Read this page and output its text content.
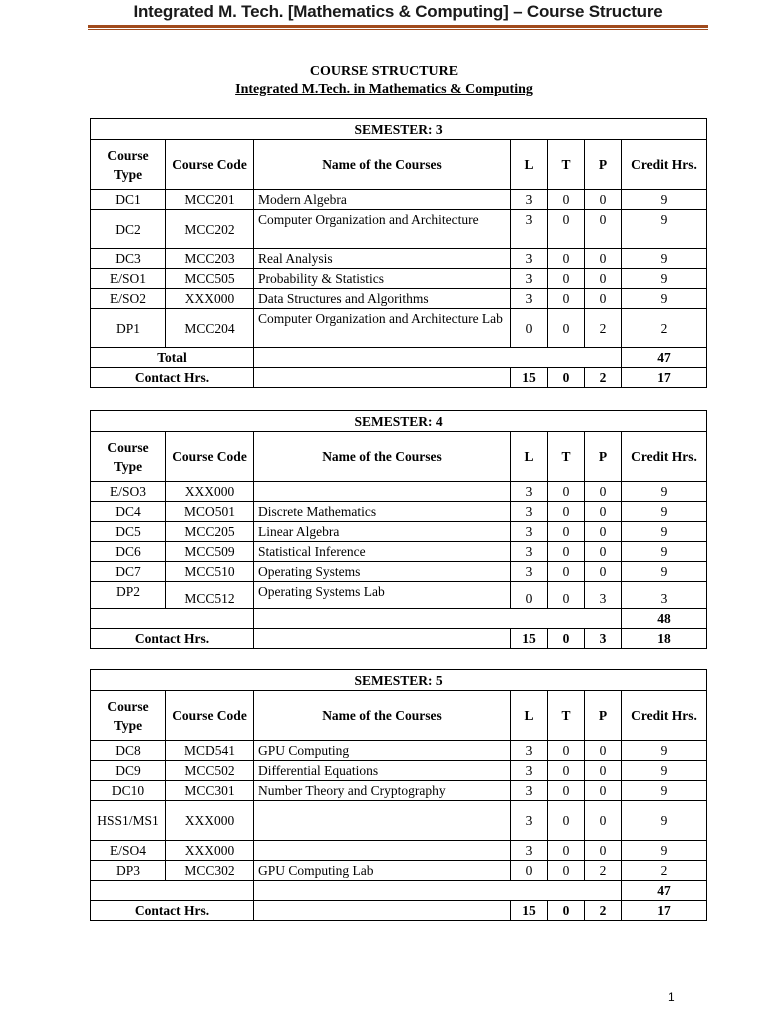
Integrated M. Tech. [Mathematics & Computing] – Course Structure
COURSE STRUCTURE
Integrated M.Tech. in Mathematics & Computing
SEMESTER: 3						
Course Type	Course Code	Name of the Courses	L	T	P	Credit Hrs.
DC1	MCC201	Modern Algebra	3	0	0	9
DC2	MCC202	Computer Organization and Architecture	3	0	0	9
DC3	MCC203	Real Analysis	3	0	0	9
E/SO1	MCC505	Probability & Statistics	3	0	0	9
E/SO2	XXX000	Data Structures and Algorithms	3	0	0	9
DP1	MCC204	Computer Organization and Architecture Lab	0	0	2	2
Total						47
Contact Hrs.			15	0	2	17
SEMESTER: 4						
Course Type	Course Code	Name of the Courses	L	T	P	Credit Hrs.
E/SO3	XXX000		3	0	0	9
DC4	MCO501	Discrete Mathematics	3	0	0	9
DC5	MCC205	Linear Algebra	3	0	0	9
DC6	MCC509	Statistical Inference	3	0	0	9
DC7	MCC510	Operating Systems	3	0	0	9
DP2	MCC512	Operating Systems Lab	0	0	3	3
						48
Contact Hrs.			15	0	3	18
SEMESTER: 5						
Course Type	Course Code	Name of the Courses	L	T	P	Credit Hrs.
DC8	MCD541	GPU Computing	3	0	0	9
DC9	MCC502	Differential Equations	3	0	0	9
DC10	MCC301	Number Theory and Cryptography	3	0	0	9
HSS1/MS1	XXX000		3	0	0	9
E/SO4	XXX000		3	0	0	9
DP3	MCC302	GPU Computing Lab	0	0	2	2
						47
Contact Hrs.			15	0	2	17
1
